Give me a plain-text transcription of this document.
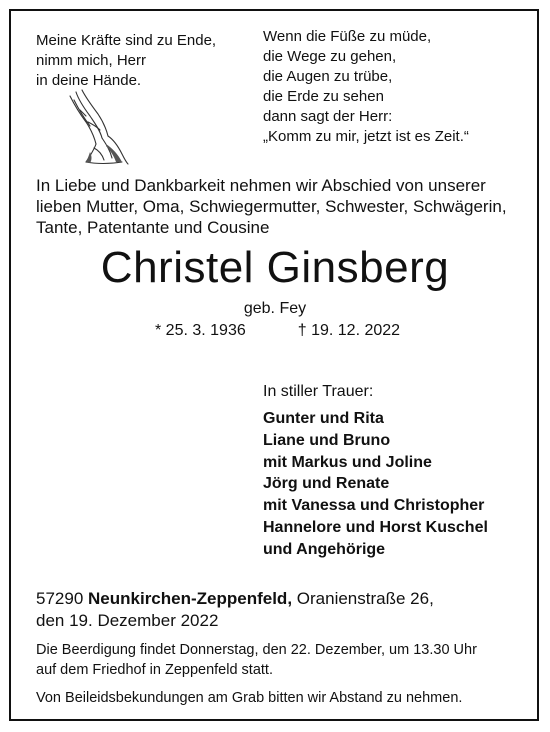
Meine Kräfte sind zu Ende,
nimm mich, Herr
in deine Hände.
Wenn die Füße zu müde,
die Wege zu gehen,
die Augen zu trübe,
die Erde zu sehen
dann sagt der Herr:
„Komm zu mir, jetzt ist es Zeit.“
In Liebe und Dankbarkeit nehmen wir Abschied von unserer
lieben Mutter, Oma, Schwiegermutter, Schwester, Schwägerin,
Tante, Patentante und Cousine
Christel Ginsberg
geb. Fey
* 25. 3. 1936	† 19. 12. 2022
In stiller Trauer:
Gunter und Rita
Liane und Bruno
mit Markus und Joline
Jörg und Renate
mit Vanessa und Christopher
Hannelore und Horst Kuschel
und Angehörige
57290 Neunkirchen-Zeppenfeld, Oranienstraße 26,
den 19. Dezember 2022
Die Beerdigung findet Donnerstag, den 22. Dezember, um 13.30 Uhr
auf dem Friedhof in Zeppenfeld statt.
Von Beileidsbekundungen am Grab bitten wir Abstand zu nehmen.
